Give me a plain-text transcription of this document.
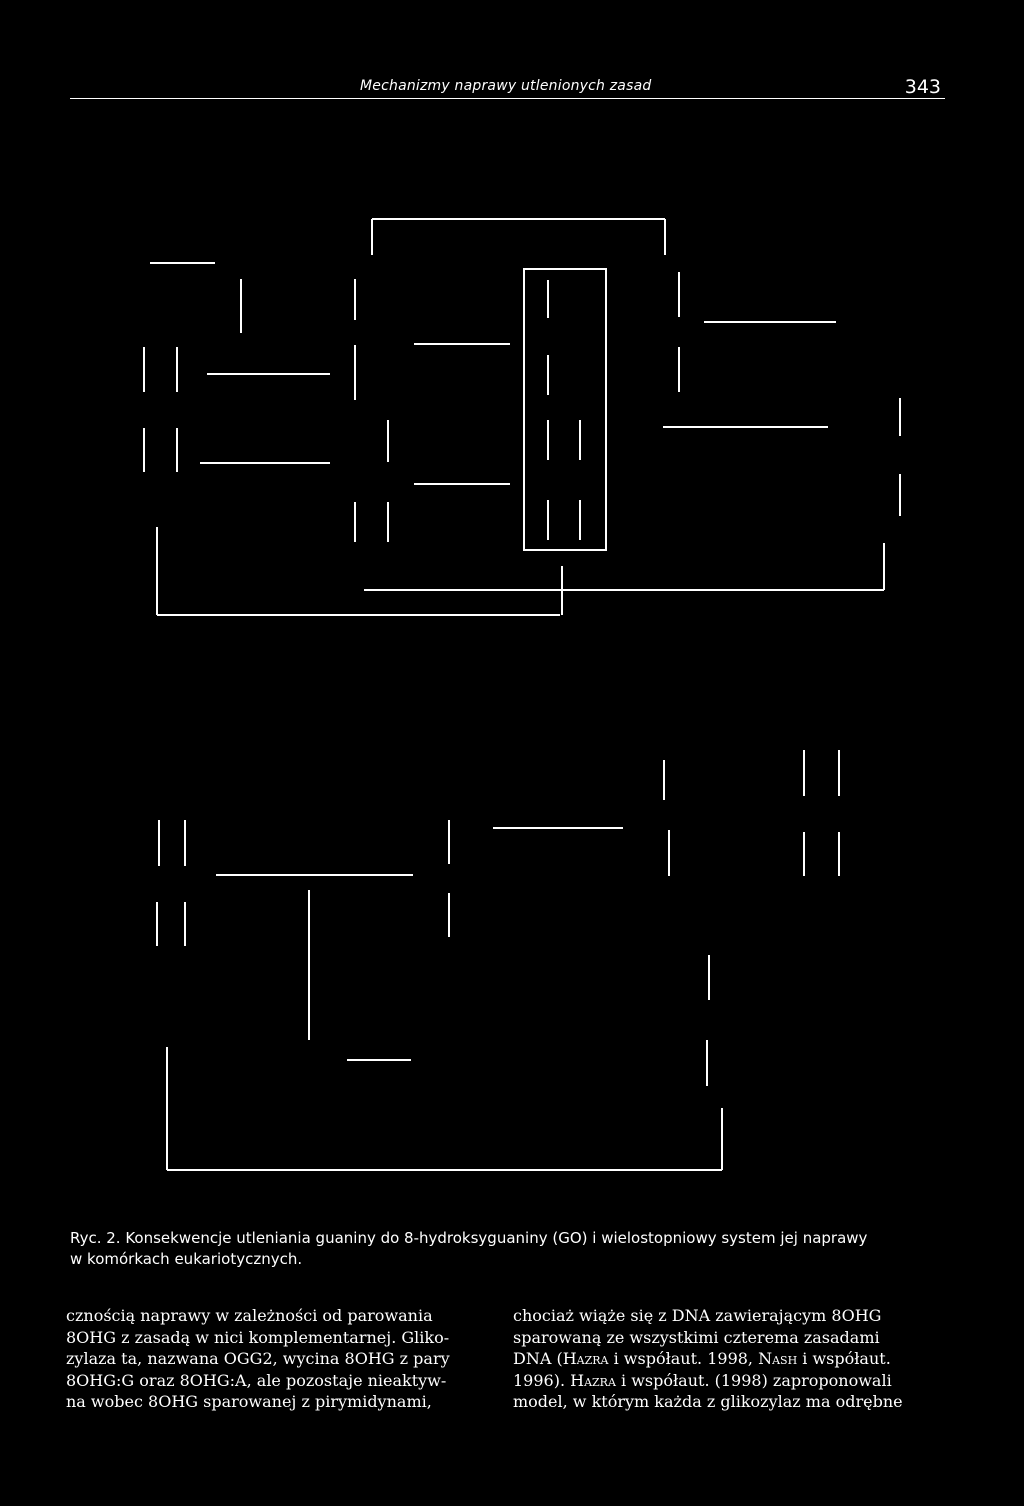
Mechanizmy naprawy utlenionych zasad	343
Ryc. 2. Konsekwencje utleniania guaniny do 8-hydroksyguaniny (GO) i wielostopniowy system jej naprawy
w komórkach eukariotycznych.

cznością naprawy w zależności od parowania
8OHG z zasadą w nici komplementarnej. Gliko-
zylaza ta, nazwana OGG2, wycina 8OHG z pary
8OHG:G oraz 8OHG:A, ale pozostaje nieaktyw-
na wobec 8OHG sparowanej z pirymidynami,

chociaż wiąże się z DNA zawierającym 8OHG
sparowaną ze wszystkimi czterema zasadami
DNA (Hazra i współaut. 1998, Nash i współaut.
1996). Hazra i współaut. (1998) zaproponowali
model, w którym każda z glikozylaz ma odrębne
